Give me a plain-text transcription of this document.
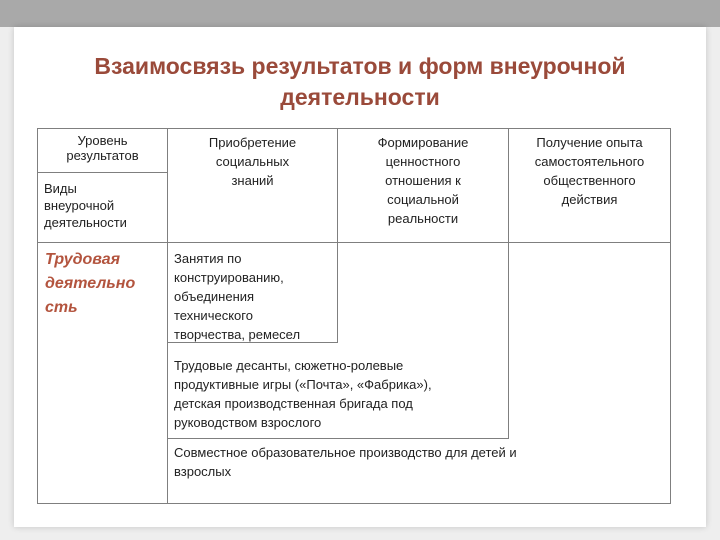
Взаимосвязь результатов и форм внеурочной
деятельности
Уровень
результатов
Виды
внеурочной
деятельности
Приобретение
социальных
знаний
Формирование
ценностного
отношения к
социальной
реальности
Получение опыта
самостоятельного
общественного
действия
Трудовая
деятельно
сть
Занятия по
конструированию,
объединения
технического
творчества, ремесел
Трудовые десанты, сюжетно-ролевые
продуктивные игры («Почта», «Фабрика»),
детская производственная бригада под
руководством взрослого
Совместное образовательное производство для детей и
взрослых
